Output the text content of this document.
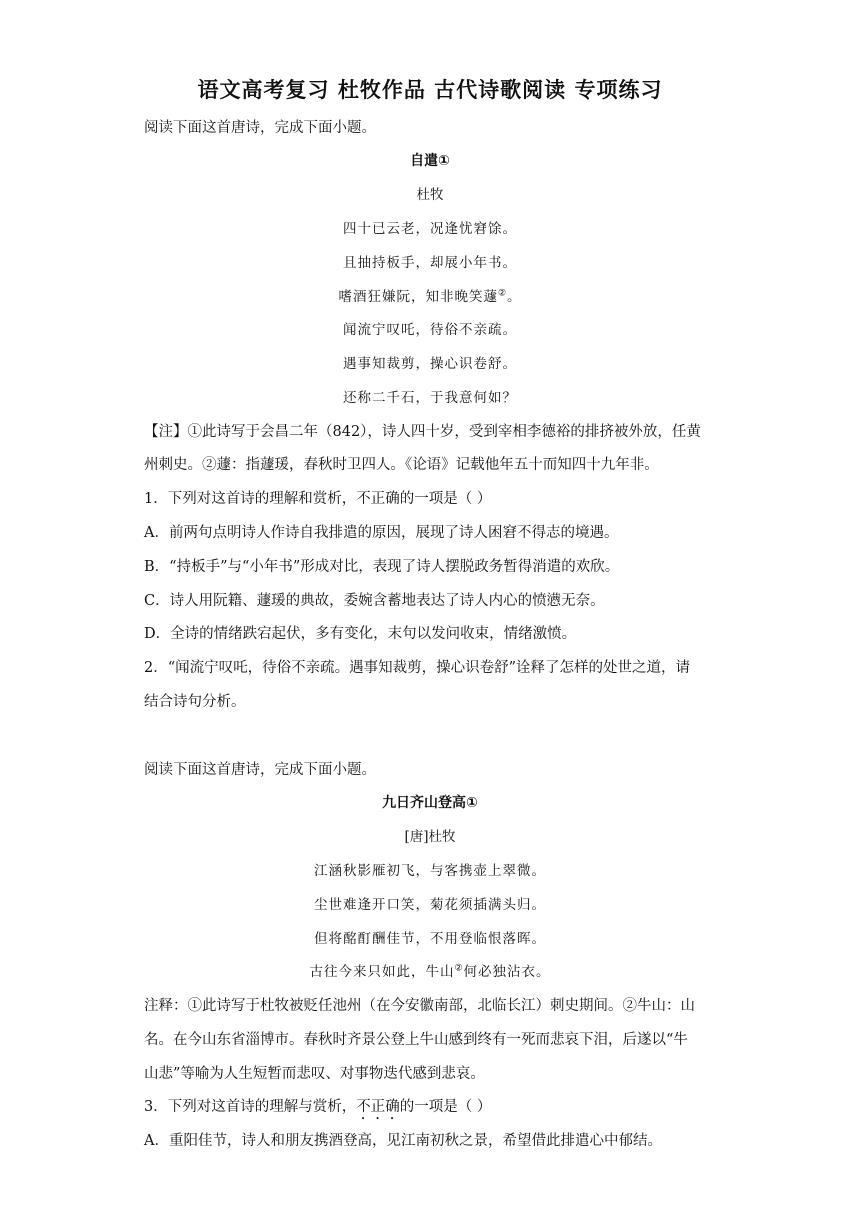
语文高考复习 杜牧作品 古代诗歌阅读 专项练习
阅读下面这首唐诗，完成下面小题。
自遣①
杜牧
四十已云老，况逢忧窘馀。
且抽持板手，却展小年书。
嗜酒狂嫌阮，知非晚笑蘧②。
闻流宁叹吒，待俗不亲疏。
遇事知裁剪，操心识卷舒。
还称二千石，于我意何如？
【注】①此诗写于会昌二年（842），诗人四十岁，受到宰相李德裕的排挤被外放，任黄
州刺史。②蘧：指蘧瑗，春秋时卫四人。《论语》记载他年五十而知四十九年非。
1．下列对这首诗的理解和赏析，不正确的一项是（ ）
A．前两句点明诗人作诗自我排遣的原因，展现了诗人困窘不得志的境遇。
B．“持板手”与“小年书”形成对比，表现了诗人摆脱政务暂得消遣的欢欣。
C．诗人用阮籍、蘧瑗的典故，委婉含蓄地表达了诗人内心的愤懑无奈。
D．全诗的情绪跌宕起伏，多有变化，末句以发问收束，情绪激愤。
2．“闻流宁叹吒，待俗不亲疏。遇事知裁剪，操心识卷舒”诠释了怎样的处世之道，请
结合诗句分析。
阅读下面这首唐诗，完成下面小题。
九日齐山登高①
[唐]杜牧
江涵秋影雁初飞，与客携壶上翠微。
尘世难逢开口笑，菊花须插满头归。
但将酩酊酬佳节，不用登临恨落晖。
古往今来只如此，牛山②何必独沾衣。
注释：①此诗写于杜牧被贬任池州（在今安徽南部，北临长江）刺史期间。②牛山：山
名。在今山东省淄博市。春秋时齐景公登上牛山感到终有一死而悲哀下泪，后遂以“牛
山悲”等喻为人生短暂而悲叹、对事物迭代感到悲哀。
3．下列对这首诗的理解与赏析，不正确的一项是（ ）
A．重阳佳节，诗人和朋友携酒登高，见江南初秋之景，希望借此排遣心中郁结。
